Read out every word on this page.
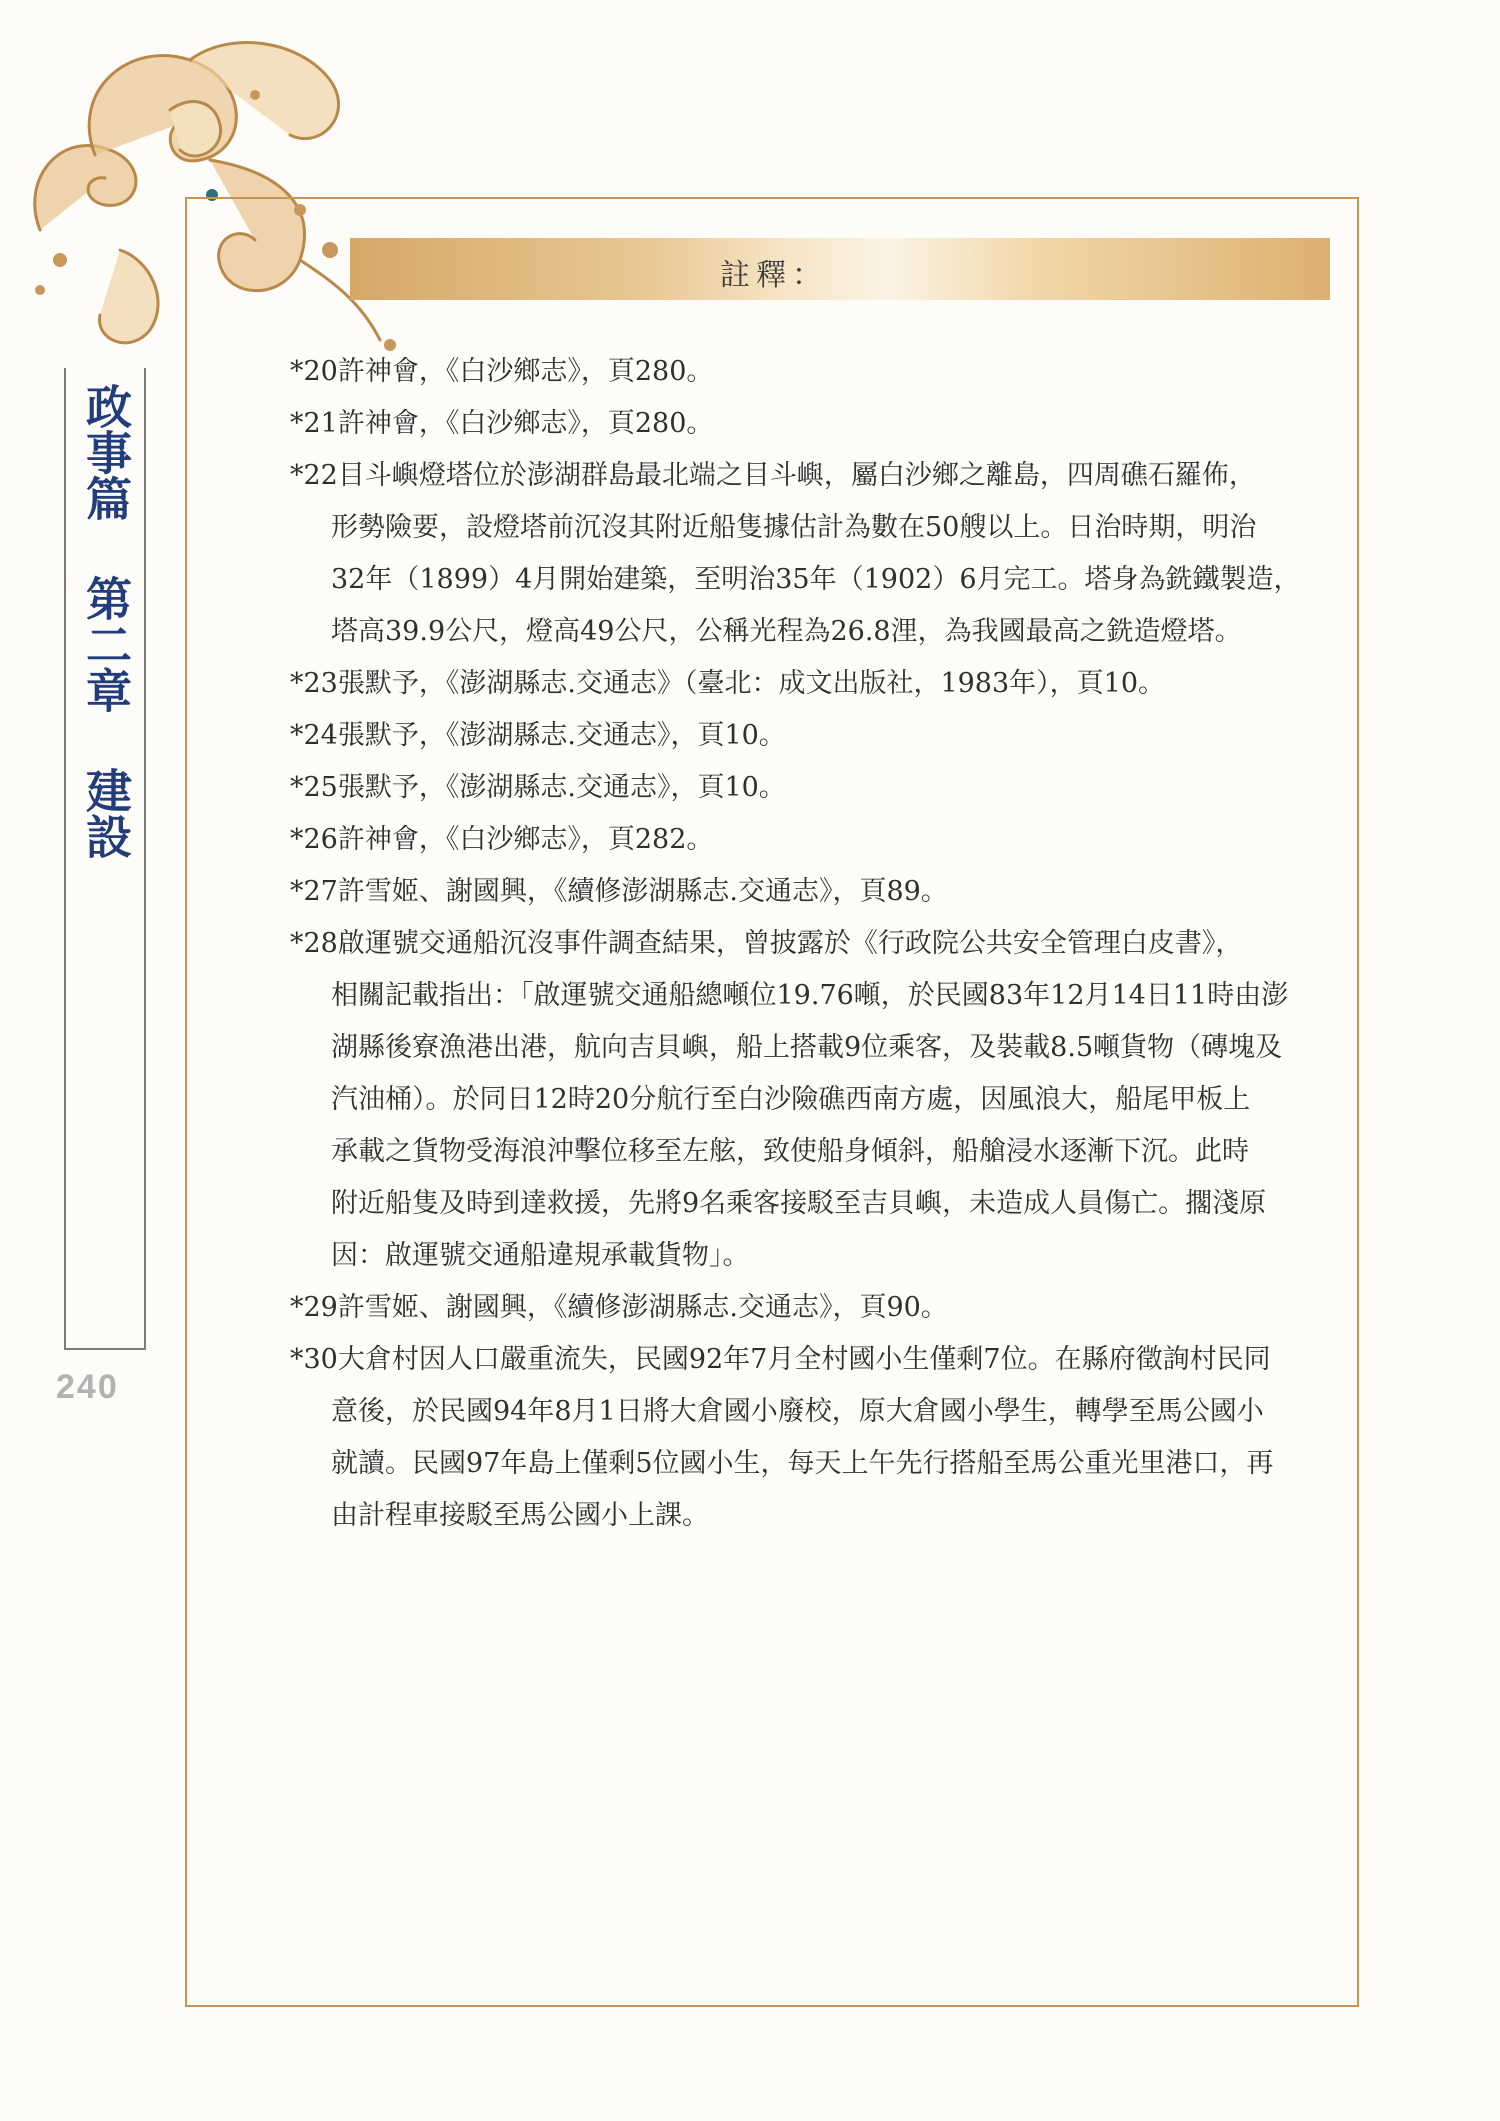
註釋：
政事篇 第二章 建設
240
*20許神會，《白沙鄉志》，頁280。
*21許神會，《白沙鄉志》，頁280。
*22目斗嶼燈塔位於澎湖群島最北端之目斗嶼，屬白沙鄉之離島，四周礁石羅佈，
形勢險要，設燈塔前沉沒其附近船隻據估計為數在50艘以上。日治時期，明治
32年（1899）4月開始建築，至明治35年（1902）6月完工。塔身為銑鐵製造，
塔高39.9公尺，燈高49公尺，公稱光程為26.8浬，為我國最高之銑造燈塔。
*23張默予，《澎湖縣志.交通志》（臺北：成文出版社，1983年），頁10。
*24張默予，《澎湖縣志.交通志》，頁10。
*25張默予，《澎湖縣志.交通志》，頁10。
*26許神會，《白沙鄉志》，頁282。
*27許雪姬、謝國興，《續修澎湖縣志.交通志》，頁89。
*28啟運號交通船沉沒事件調查結果，曾披露於《行政院公共安全管理白皮書》，
相關記載指出：「啟運號交通船總噸位19.76噸，於民國83年12月14日11時由澎
湖縣後寮漁港出港，航向吉貝嶼，船上搭載9位乘客，及裝載8.5噸貨物（磚塊及
汽油桶）。於同日12時20分航行至白沙險礁西南方處，因風浪大，船尾甲板上
承載之貨物受海浪沖擊位移至左舷，致使船身傾斜，船艙浸水逐漸下沉。此時
附近船隻及時到達救援，先將9名乘客接駁至吉貝嶼，未造成人員傷亡。擱淺原
因：啟運號交通船違規承載貨物」。
*29許雪姬、謝國興，《續修澎湖縣志.交通志》，頁90。
*30大倉村因人口嚴重流失，民國92年7月全村國小生僅剩7位。在縣府徵詢村民同
意後，於民國94年8月1日將大倉國小廢校，原大倉國小學生，轉學至馬公國小
就讀。民國97年島上僅剩5位國小生，每天上午先行搭船至馬公重光里港口，再
由計程車接駁至馬公國小上課。
